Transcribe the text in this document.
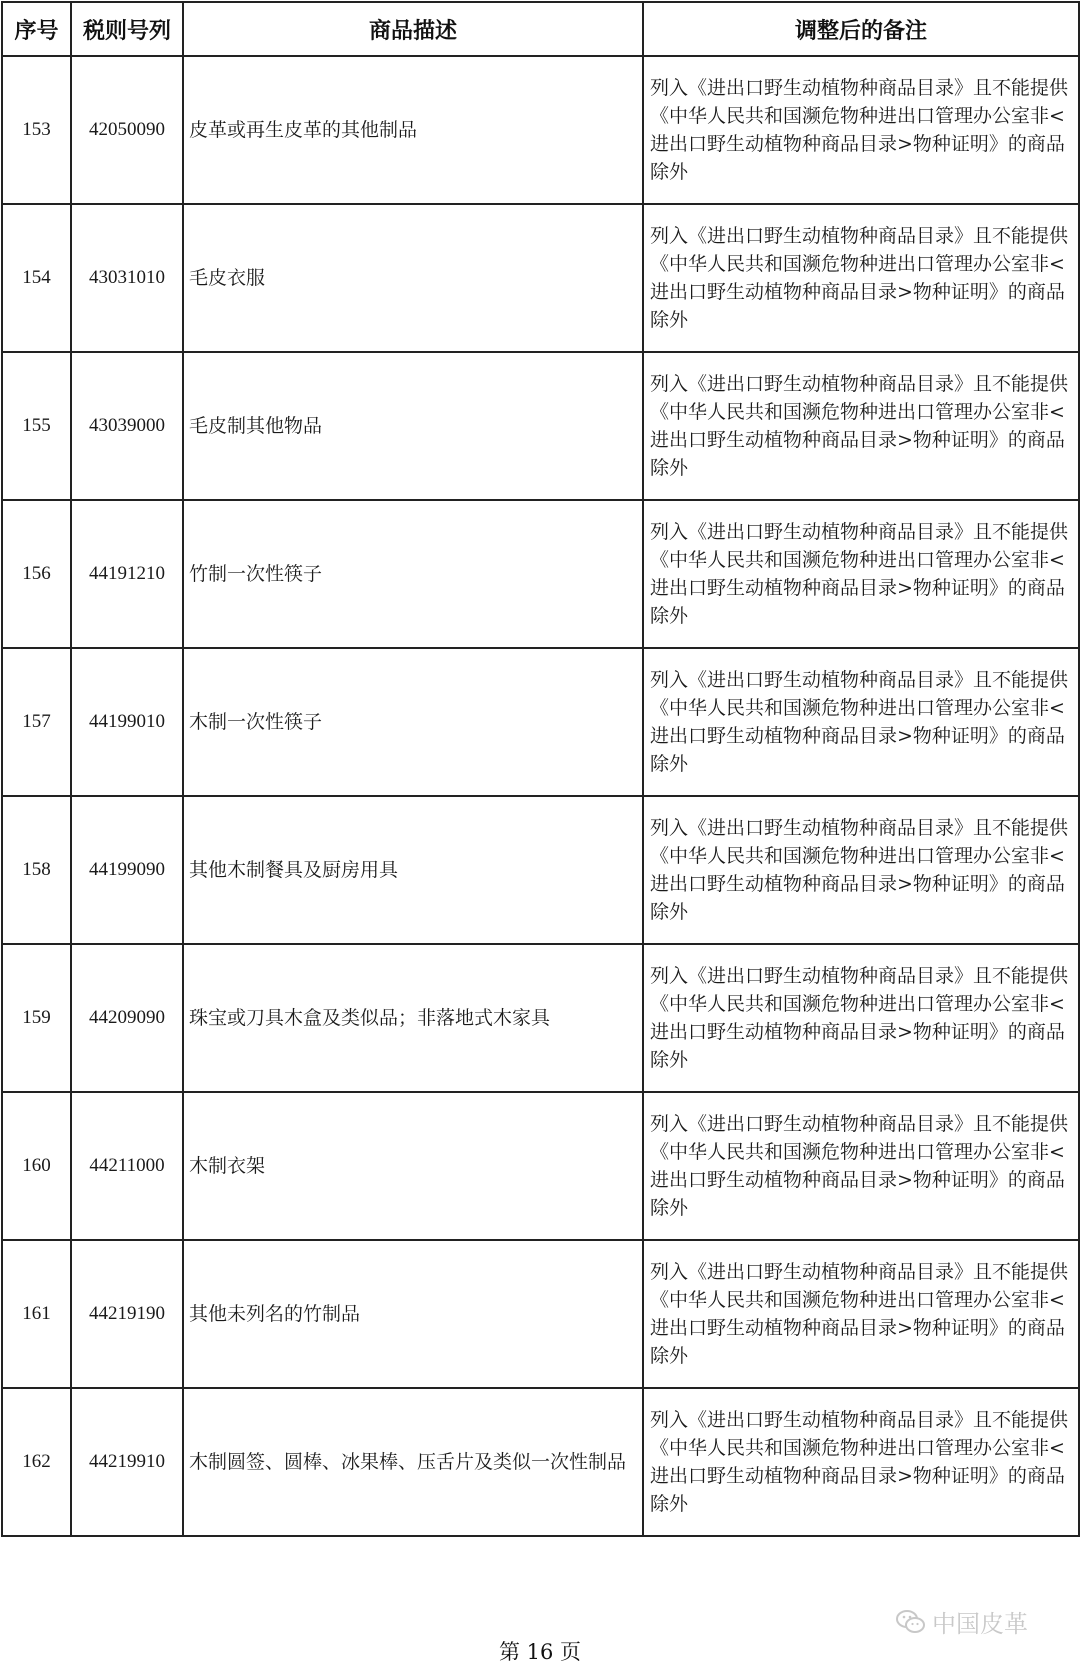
序号	税则号列	商品描述	调整后的备注
153	42050090	皮革或再生皮革的其他制品	列入《进出口野生动植物种商品目录》且不能提供《中华人民共和国濒危物种进出口管理办公室非<进出口野生动植物种商品目录>物种证明》的商品除外
154	43031010	毛皮衣服	列入《进出口野生动植物种商品目录》且不能提供《中华人民共和国濒危物种进出口管理办公室非<进出口野生动植物种商品目录>物种证明》的商品除外
155	43039000	毛皮制其他物品	列入《进出口野生动植物种商品目录》且不能提供《中华人民共和国濒危物种进出口管理办公室非<进出口野生动植物种商品目录>物种证明》的商品除外
156	44191210	竹制一次性筷子	列入《进出口野生动植物种商品目录》且不能提供《中华人民共和国濒危物种进出口管理办公室非<进出口野生动植物种商品目录>物种证明》的商品除外
157	44199010	木制一次性筷子	列入《进出口野生动植物种商品目录》且不能提供《中华人民共和国濒危物种进出口管理办公室非<进出口野生动植物种商品目录>物种证明》的商品除外
158	44199090	其他木制餐具及厨房用具	列入《进出口野生动植物种商品目录》且不能提供《中华人民共和国濒危物种进出口管理办公室非<进出口野生动植物种商品目录>物种证明》的商品除外
159	44209090	珠宝或刀具木盒及类似品；非落地式木家具	列入《进出口野生动植物种商品目录》且不能提供《中华人民共和国濒危物种进出口管理办公室非<进出口野生动植物种商品目录>物种证明》的商品除外
160	44211000	木制衣架	列入《进出口野生动植物种商品目录》且不能提供《中华人民共和国濒危物种进出口管理办公室非<进出口野生动植物种商品目录>物种证明》的商品除外
161	44219190	其他未列名的竹制品	列入《进出口野生动植物种商品目录》且不能提供《中华人民共和国濒危物种进出口管理办公室非<进出口野生动植物种商品目录>物种证明》的商品除外
162	44219910	木制圆签、圆棒、冰果棒、压舌片及类似一次性制品	列入《进出口野生动植物种商品目录》且不能提供《中华人民共和国濒危物种进出口管理办公室非<进出口野生动植物种商品目录>物种证明》的商品除外
中国皮革
第 16 页
